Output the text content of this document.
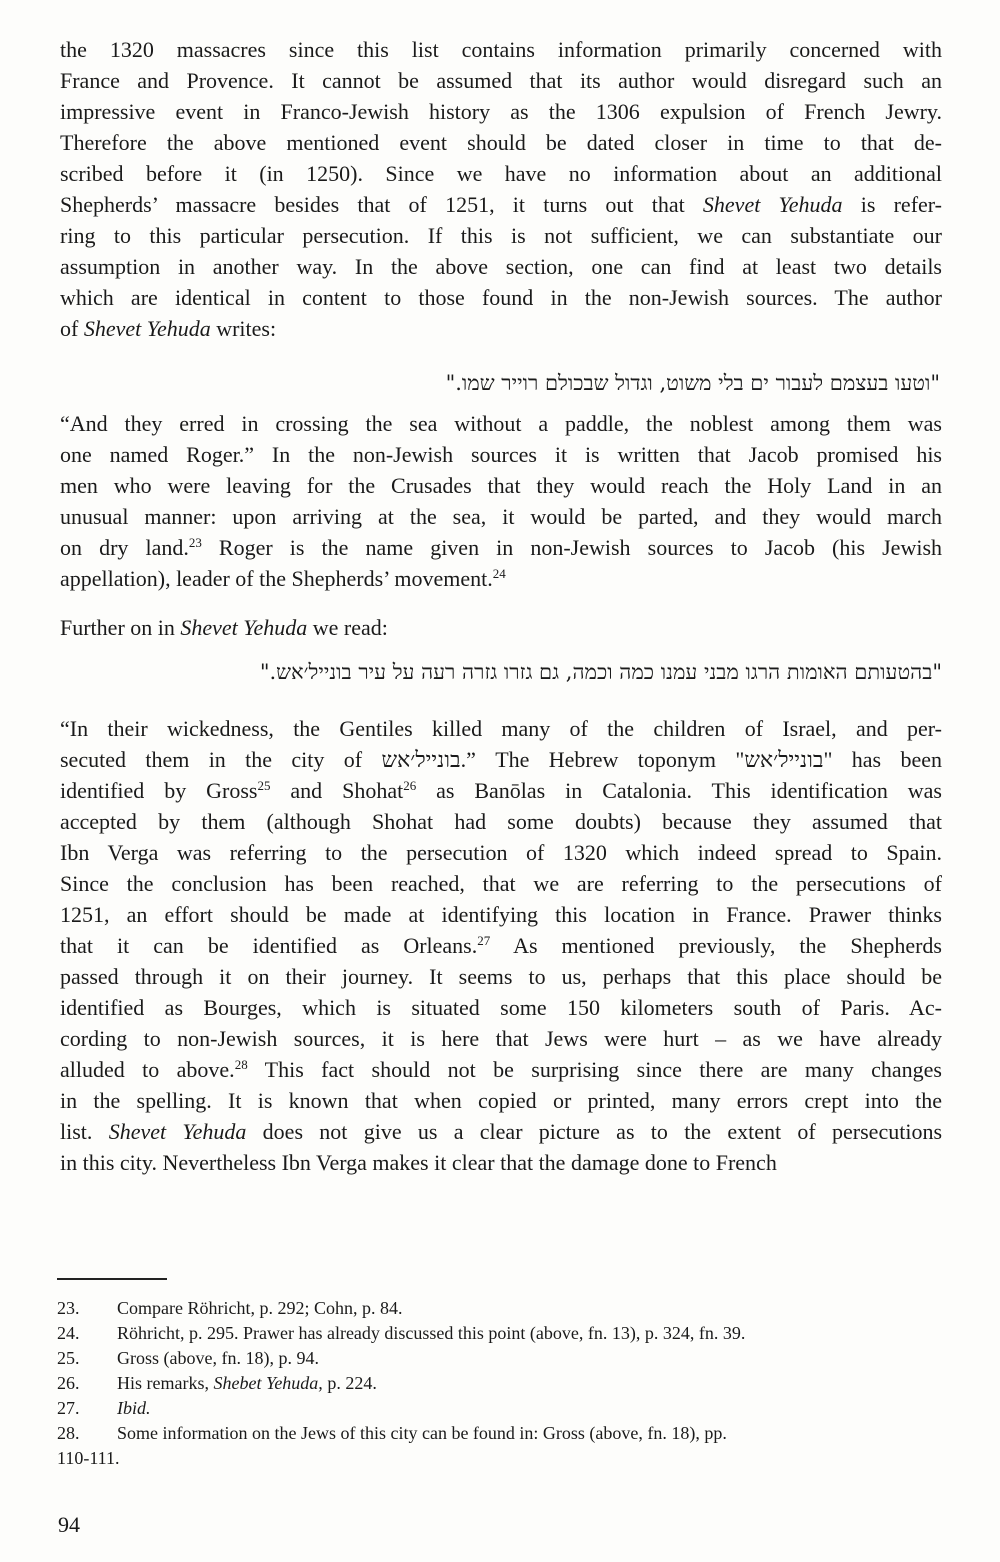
the 1320 massacres since this list contains information primarily concerned with
France and Provence. It cannot be assumed that its author would disregard such an
impressive event in Franco-Jewish history as the 1306 expulsion of French Jewry.
Therefore the above mentioned event should be dated closer in time to that de-
scribed before it (in 1250). Since we have no information about an additional
Shepherds’ massacre besides that of 1251, it turns out that Shevet Yehuda is refer-
ring to this particular persecution. If this is not sufficient, we can substantiate our
assumption in another way. In the above section, one can find at least two details
which are identical in content to those found in the non-Jewish sources. The author
of Shevet Yehuda writes:

"וטעו בעצמם לעבור ים בלי משוט, וגדול שבכולם רוייר שמו."

“And they erred in crossing the sea without a paddle, the noblest among them was
one named Roger.” In the non-Jewish sources it is written that Jacob promised his
men who were leaving for the Crusades that they would reach the Holy Land in an
unusual manner: upon arriving at the sea, it would be parted, and they would march
on dry land.$^{23}$ Roger is the name given in non-Jewish sources to Jacob (his Jewish
appellation), leader of the Shepherds’ movement.$^{24}$
Further on in Shevet Yehuda we read:

"בהטעותם האומות הרגו מבני עמנו כמה וכמה, גם גזרו גזרה רעה על עיר בונייל׳אש."

“In their wickedness, the Gentiles killed many of the children of Israel, and per-
secuted them in the city of בונייל׳אש.” The Hebrew toponym "בונייל׳אש" has been
identified by Gross$^{25}$ and Shohat$^{26}$ as Banōlas in Catalonia. This identification was
accepted by them (although Shohat had some doubts) because they assumed that
Ibn Verga was referring to the persecution of 1320 which indeed spread to Spain.
Since the conclusion has been reached, that we are referring to the persecutions of
1251, an effort should be made at identifying this location in France. Prawer thinks
that it can be identified as Orleans.$^{27}$ As mentioned previously, the Shepherds
passed through it on their journey. It seems to us, perhaps that this place should be
identified as Bourges, which is situated some 150 kilometers south of Paris. Ac-
cording to non-Jewish sources, it is here that Jews were hurt – as we have already
alluded to above.$^{28}$ This fact should not be surprising since there are many changes
in the spelling. It is known that when copied or printed, many errors crept into the
list. Shevet Yehuda does not give us a clear picture as to the extent of persecutions
in this city. Nevertheless Ibn Verga makes it clear that the damage done to French
23.	Compare Röhricht, p. 292; Cohn, p. 84.
24.	Röhricht, p. 295. Prawer has already discussed this point (above, fn. 13), p. 324, fn. 39.
25.	Gross (above, fn. 18), p. 94.
26.	His remarks, Shebet Yehuda, p. 224.
27.	Ibid.
28.	Some information on the Jews of this city can be found in: Gross (above, fn. 18), pp.
110-111.
94
